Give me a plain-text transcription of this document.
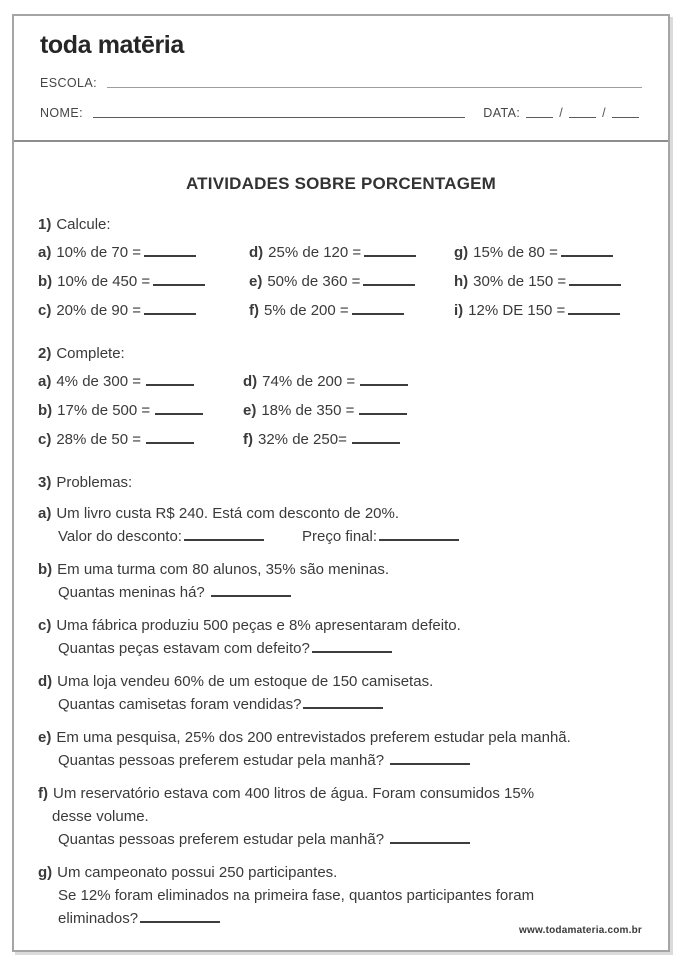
toda matēria
ESCOLA:
NOME:	DATA:	/	/
ATIVIDADES SOBRE PORCENTAGEM
1) Calcule:
a) 10% de 70 =	d) 25% de 120 =	g) 15% de 80 =
b) 10% de 450 =	e) 50% de 360 =	h) 30% de 150 =
c) 20% de 90 =	f) 5% de 200 =	i) 12% DE 150 =
2) Complete:
a) 4% de 300 =	d) 74% de 200 =
b) 17% de 500 =	e) 18% de 350 =
c) 28% de 50 =	f) 32% de 250=
3) Problemas:
a) Um livro custa R$ 240. Está com desconto de 20%.
Valor do desconto:	Preço final:
b) Em uma turma com 80 alunos, 35% são meninas.
Quantas meninas há?
c) Uma fábrica produziu 500 peças e 8% apresentaram defeito.
Quantas peças estavam com defeito?
d) Uma loja vendeu 60% de um estoque de 150 camisetas.
Quantas camisetas foram vendidas?
e) Em uma pesquisa, 25% dos 200 entrevistados preferem estudar pela manhã.
Quantas pessoas preferem estudar pela manhã?
f) Um reservatório estava com 400 litros de água. Foram consumidos 15%
desse volume.
Quantas pessoas preferem estudar pela manhã?
g) Um campeonato possui 250 participantes.
Se 12% foram eliminados na primeira fase, quantos participantes foram
eliminados?
www.todamateria.com.br
